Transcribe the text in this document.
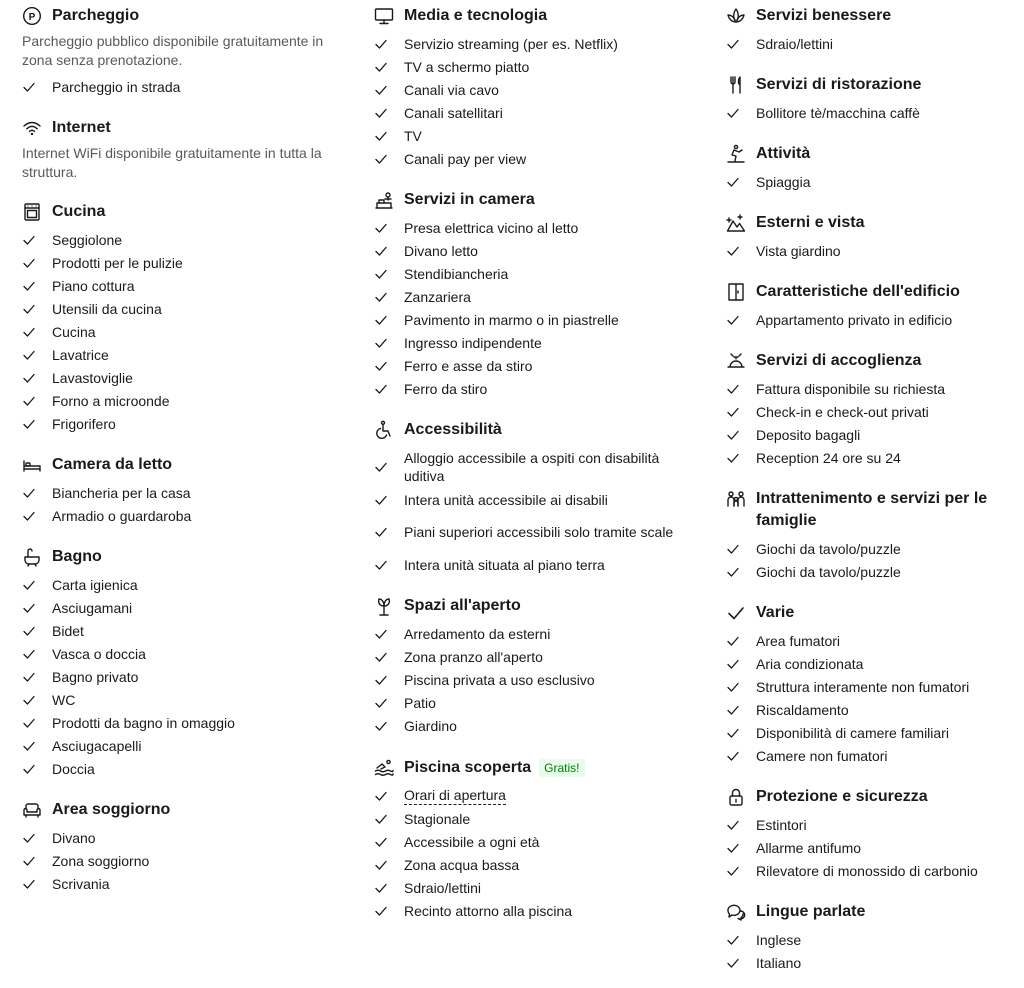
P Parcheggio
Parcheggio pubblico disponibile gratuitamente in zona senza prenotazione.
Parcheggio in strada
Internet
Internet WiFi disponibile gratuitamente in tutta la struttura.
Cucina
Seggiolone
Prodotti per le pulizie
Piano cottura
Utensili da cucina
Cucina
Lavatrice
Lavastoviglie
Forno a microonde
Frigorifero
Camera da letto
Biancheria per la casa
Armadio o guardaroba
Bagno
Carta igienica
Asciugamani
Bidet
Vasca o doccia
Bagno privato
WC
Prodotti da bagno in omaggio
Asciugacapelli
Doccia
Area soggiorno
Divano
Zona soggiorno
Scrivania
Media e tecnologia
Servizio streaming (per es. Netflix)
TV a schermo piatto
Canali via cavo
Canali satellitari
TV
Canali pay per view
Servizi in camera
Presa elettrica vicino al letto
Divano letto
Stendibiancheria
Zanzariera
Pavimento in marmo o in piastrelle
Ingresso indipendente
Ferro e asse da stiro
Ferro da stiro
Accessibilità
Alloggio accessibile a ospiti con disabilità uditiva
Intera unità accessibile ai disabili
Piani superiori accessibili solo tramite scale
Intera unità situata al piano terra
Spazi all'aperto
Arredamento da esterni
Zona pranzo all'aperto
Piscina privata a uso esclusivo
Patio
Giardino
Piscina scoperta Gratis!
Orari di apertura
Stagionale
Accessibile a ogni età
Zona acqua bassa
Sdraio/lettini
Recinto attorno alla piscina
Servizi benessere
Sdraio/lettini
Servizi di ristorazione
Bollitore tè/macchina caffè
Attività
Spiaggia
Esterni e vista
Vista giardino
Caratteristiche dell'edificio
Appartamento privato in edificio
Servizi di accoglienza
Fattura disponibile su richiesta
Check-in e check-out privati
Deposito bagagli
Reception 24 ore su 24
Intrattenimento e servizi per le famiglie
Giochi da tavolo/puzzle
Giochi da tavolo/puzzle
Varie
Area fumatori
Aria condizionata
Struttura interamente non fumatori
Riscaldamento
Disponibilità di camere familiari
Camere non fumatori
Protezione e sicurezza
Estintori
Allarme antifumo
Rilevatore di monossido di carbonio
Lingue parlate
Inglese
Italiano
